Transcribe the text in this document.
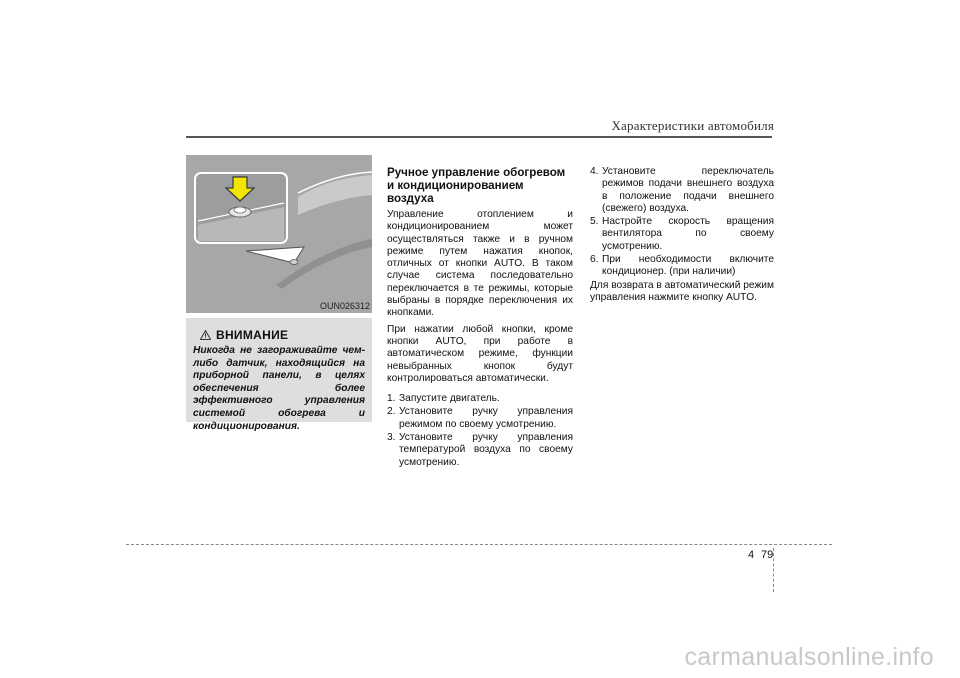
Характеристики автомобиля
OUN026312
ВНИМАНИЕ
Никогда не загораживайте чем-либо датчик, находящийся на приборной панели, в целях обеспечения более эффективного управления системой обогрева и кондиционирования.
Ручное управление обогревом
и кондиционированием воздуха

Управление отоплением и кондиционированием может осуществляться также и в ручном режиме путем нажатия кнопок, отличных от кнопки AUTO. В таком случае система последовательно переключается в те режимы, которые выбраны в порядке переключения их кнопками.

При нажатии любой кнопки, кроме кнопки AUTO, при работе в автоматическом режиме, функции невыбранных кнопок будут контролироваться автоматически.

1. Запустите двигатель.
2. Установите ручку управления режимом по своему усмотрению.
3. Установите ручку управления температурой воздуха по своему усмотрению.
4. Установите переключатель режимов подачи внешнего воздуха в положение подачи внешнего (свежего) воздуха.
5. Настройте скорость вращения вентилятора по своему усмотрению.
6. При необходимости включите кондиционер. (при наличии)

Для возврата в автоматический режим управления нажмите кнопку AUTO.

4 79
carmanualsonline.info
